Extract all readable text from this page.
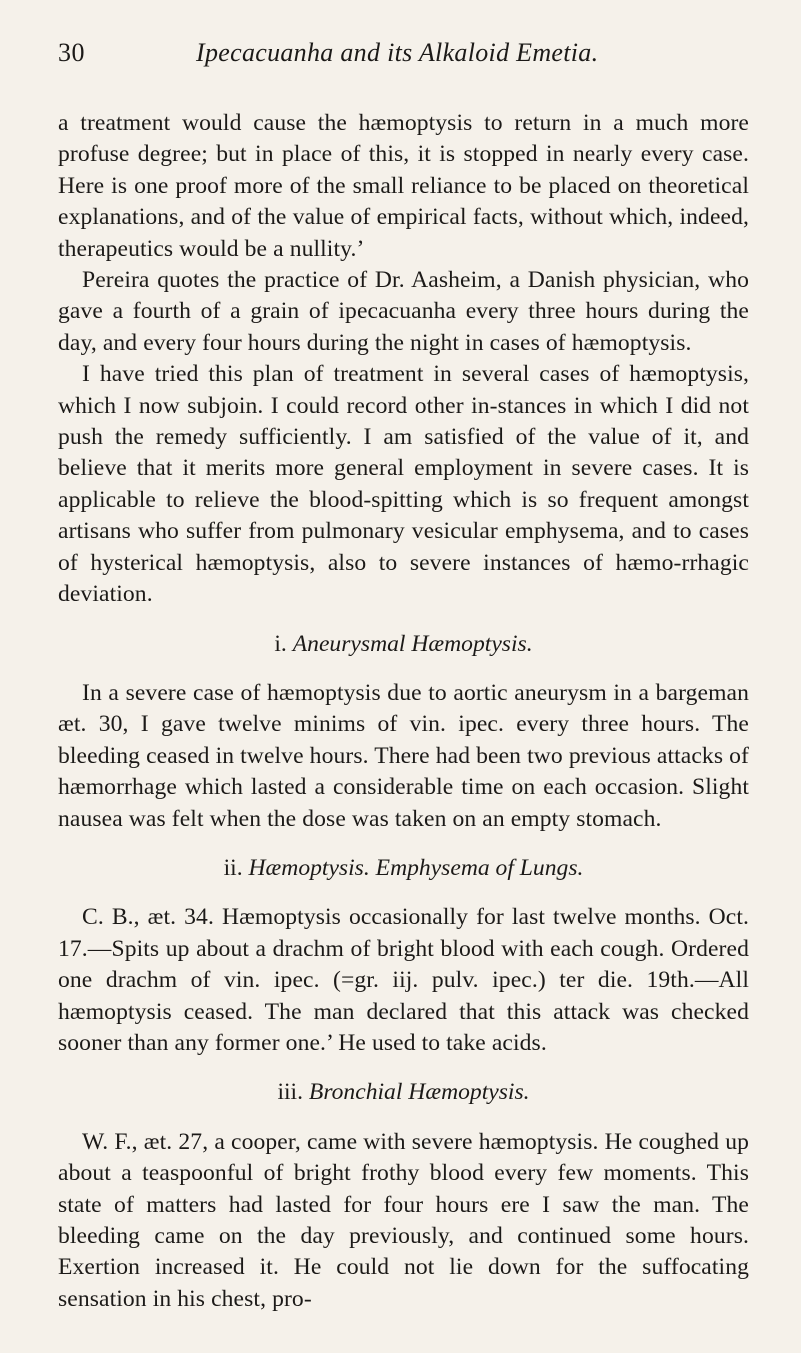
30	Ipecacuanha and its Alkaloid Emetia.

a treatment would cause the hæmoptysis to return in a much more profuse degree; but in place of this, it is stopped in nearly every case. Here is one proof more of the small reliance to be placed on theoretical explanations, and of the value of empirical facts, without which, indeed, therapeutics would be a nullity.’

Pereira quotes the practice of Dr. Aasheim, a Danish physician, who gave a fourth of a grain of ipecacuanha every three hours during the day, and every four hours during the night in cases of hæmoptysis.

I have tried this plan of treatment in several cases of hæmoptysis, which I now subjoin. I could record other in-stances in which I did not push the remedy sufficiently. I am satisfied of the value of it, and believe that it merits more general employment in severe cases. It is applicable to relieve the blood-spitting which is so frequent amongst artisans who suffer from pulmonary vesicular emphysema, and to cases of hysterical hæmoptysis, also to severe instances of hæmo-rrhagic deviation.

i. Aneurysmal Hæmoptysis.

In a severe case of hæmoptysis due to aortic aneurysm in a bargeman æt. 30, I gave twelve minims of vin. ipec. every three hours. The bleeding ceased in twelve hours. There had been two previous attacks of hæmorrhage which lasted a considerable time on each occasion. Slight nausea was felt when the dose was taken on an empty stomach.

ii. Hæmoptysis. Emphysema of Lungs.

C. B., æt. 34. Hæmoptysis occasionally for last twelve months. Oct. 17.—Spits up about a drachm of bright blood with each cough. Ordered one drachm of vin. ipec. (=gr. iij. pulv. ipec.) ter die. 19th.—All hæmoptysis ceased. The man declared that this attack was checked sooner than any former one.’ He used to take acids.

iii. Bronchial Hæmoptysis.

W. F., æt. 27, a cooper, came with severe hæmoptysis. He coughed up about a teaspoonful of bright frothy blood every few moments. This state of matters had lasted for four hours ere I saw the man. The bleeding came on the day previously, and continued some hours. Exertion increased it. He could not lie down for the suffocating sensation in his chest, pro-
